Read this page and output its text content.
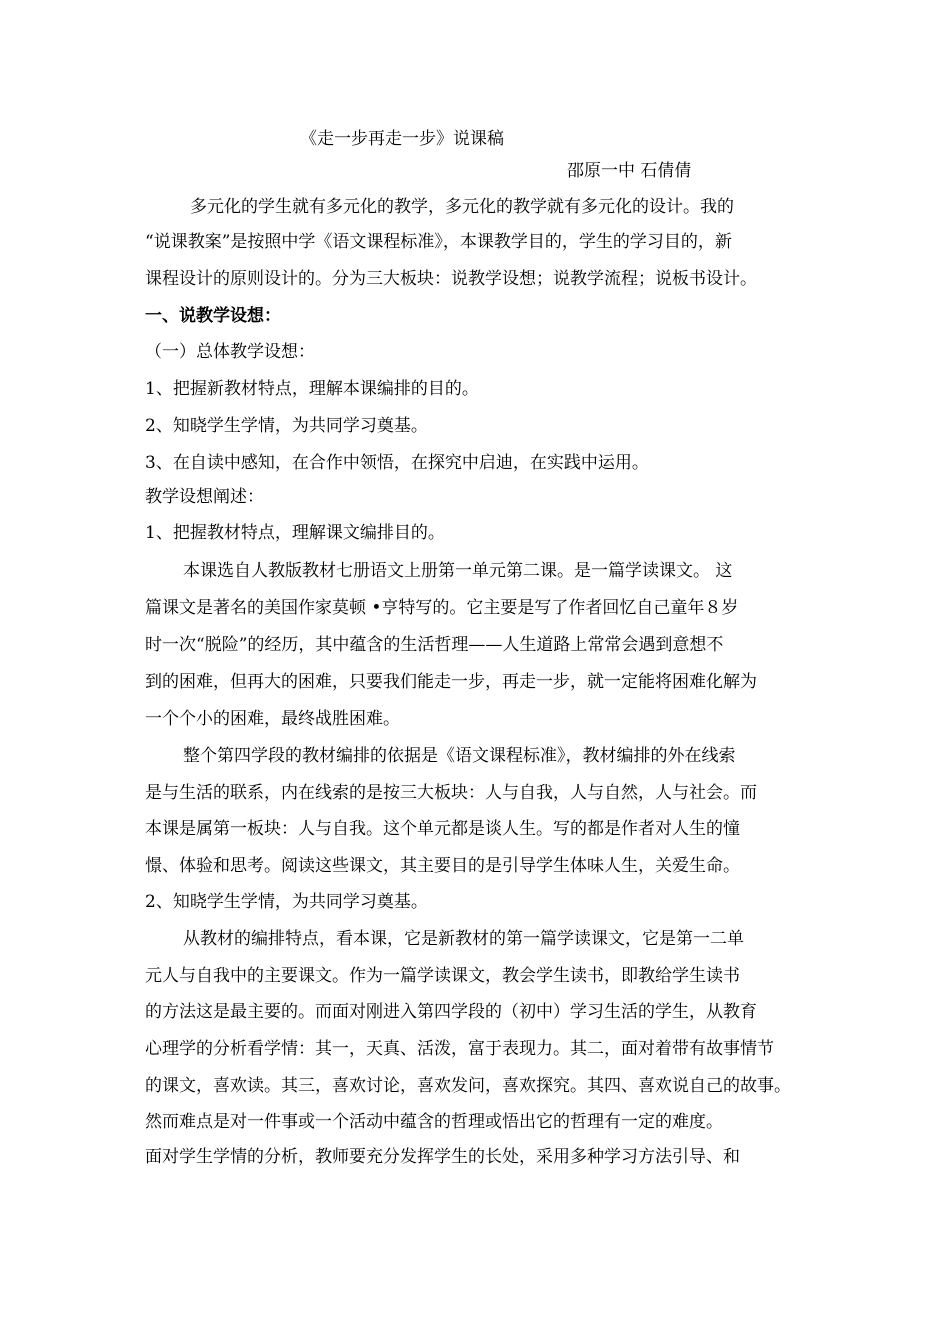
《走一步再走一步》说课稿
邵原一中 石倩倩
多元化的学生就有多元化的教学，多元化的教学就有多元化的设计。我的
“说课教案”是按照中学《语文课程标准》，本课教学目的，学生的学习目的，新
课程设计的原则设计的。分为三大板块：说教学设想；说教学流程；说板书设计。
一、说教学设想：
（一）总体教学设想：
1、把握新教材特点，理解本课编排的目的。
2、知晓学生学情，为共同学习奠基。
3、在自读中感知，在合作中领悟，在探究中启迪，在实践中运用。
教学设想阐述：
1、把握教材特点，理解课文编排目的。
本课选自人教版教材七册语文上册第一单元第二课。是一篇学读课文。 这
篇课文是著名的美国作家莫顿 •亨特写的。它主要是写了作者回忆自己童年８岁
时一次“脱险”的经历，其中蕴含的生活哲理——人生道路上常常会遇到意想不
到的困难，但再大的困难，只要我们能走一步，再走一步，就一定能将困难化解为
一个个小的困难，最终战胜困难。
整个第四学段的教材编排的依据是《语文课程标准》，教材编排的外在线索
是与生活的联系，内在线索的是按三大板块：人与自我，人与自然，人与社会。而
本课是属第一板块：人与自我。这个单元都是谈人生。写的都是作者对人生的憧
憬、体验和思考。阅读这些课文，其主要目的是引导学生体味人生，关爱生命。
2、知晓学生学情，为共同学习奠基。
从教材的编排特点，看本课，它是新教材的第一篇学读课文，它是第一二单
元人与自我中的主要课文。作为一篇学读课文，教会学生读书，即教给学生读书
的方法这是最主要的。而面对刚进入第四学段的（初中）学习生活的学生，从教育
心理学的分析看学情：其一，天真、活泼，富于表现力。其二，面对着带有故事情节
的课文，喜欢读。其三，喜欢讨论，喜欢发问，喜欢探究。其四、喜欢说自己的故事。
然而难点是对一件事或一个活动中蕴含的哲理或悟出它的哲理有一定的难度。
面对学生学情的分析，教师要充分发挥学生的长处，采用多种学习方法引导、和
